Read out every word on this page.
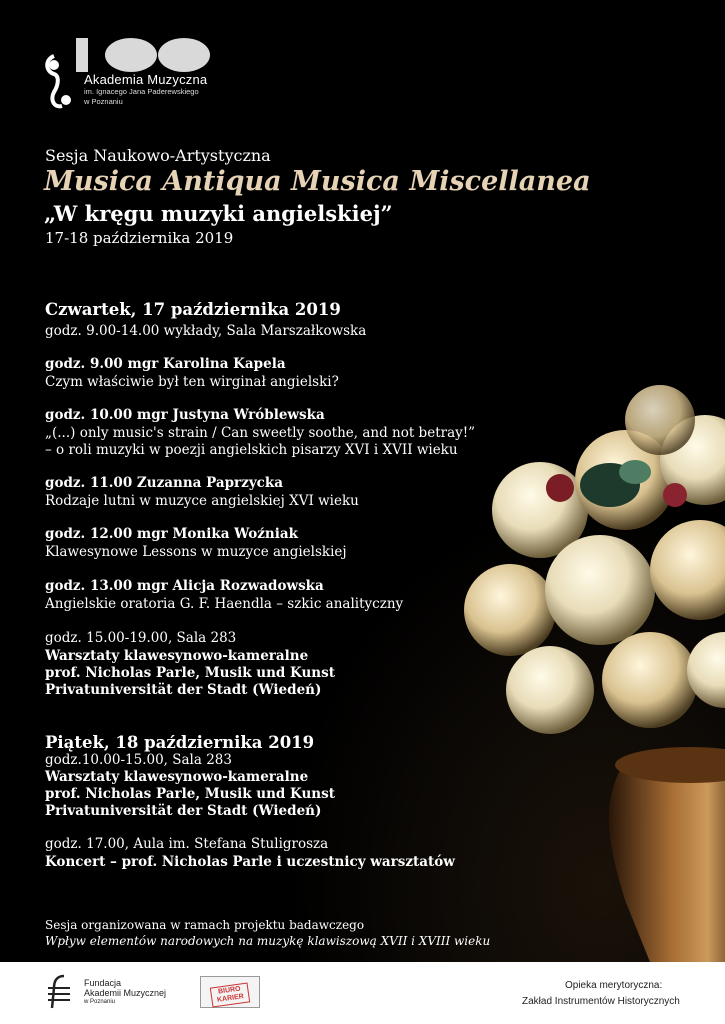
Akademia Muzyczna
im. Ignacego Jana Paderewskiego
w Poznaniu
Sesja Naukowo-Artystyczna
Musica Antiqua Musica Miscellanea
„W kręgu muzyki angielskiej”
17-18 października 2019
Czwartek, 17 października 2019
godz. 9.00-14.00 wykłady, Sala Marszałkowska
godz. 9.00 mgr Karolina Kapela
Czym właściwie był ten wirginał angielski?
godz. 10.00 mgr Justyna Wróblewska
„(...) only music's strain / Can sweetly soothe, and not betray!”
– o roli muzyki w poezji angielskich pisarzy XVI i XVII wieku
godz. 11.00 Zuzanna Paprzycka
Rodzaje lutni w muzyce angielskiej XVI wieku
godz. 12.00 mgr Monika Woźniak
Klawesynowe Lessons w muzyce angielskiej
godz. 13.00 mgr Alicja Rozwadowska
Angielskie oratoria G. F. Haendla – szkic analityczny
godz. 15.00-19.00, Sala 283
Warsztaty klawesynowo-kameralne
prof. Nicholas Parle, Musik und Kunst
Privatuniversität der Stadt (Wiedeń)
Piątek, 18 października 2019
godz.10.00-15.00, Sala 283
Warsztaty klawesynowo-kameralne
prof. Nicholas Parle, Musik und Kunst
Privatuniversität der Stadt (Wiedeń)
godz. 17.00, Aula im. Stefana Stuligrosza
Koncert – prof. Nicholas Parle i uczestnicy warsztatów
Sesja organizowana w ramach projektu badawczego
Wpływ elementów narodowych na muzykę klawiszową XVII i XVIII wieku
Fundacja
Akademii Muzycznej
w Poznaniu
BIURO KARIER
Opieka merytoryczna:
Zakład Instrumentów Historycznych
